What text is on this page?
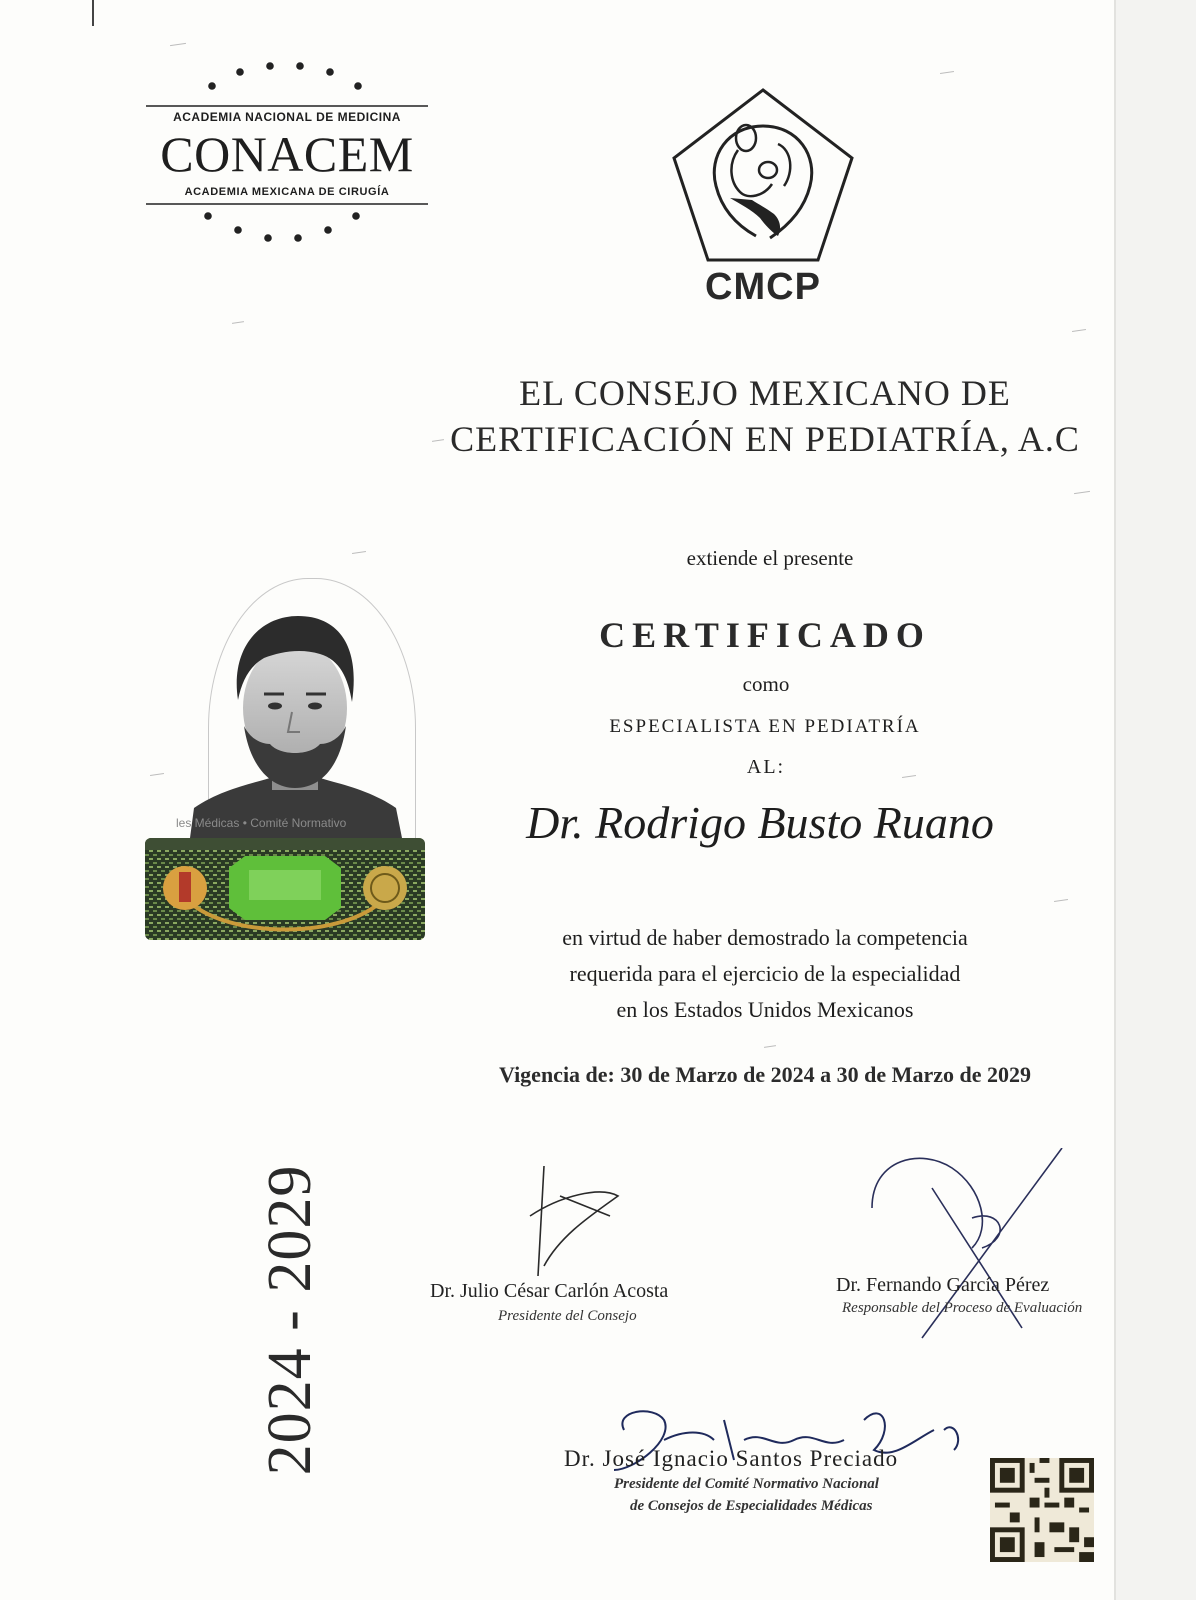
ACADEMIA NACIONAL DE MEDICINA
CONACEM
ACADEMIA MEXICANA DE CIRUGÍA
CMCP
EL CONSEJO MEXICANO DE
CERTIFICACIÓN EN PEDIATRÍA, A.C
extiende el presente
CERTIFICADO
como
ESPECIALISTA EN PEDIATRÍA
AL:
Dr. Rodrigo Busto Ruano
en virtud de haber demostrado la competencia
requerida para el ejercicio de la especialidad
en los Estados Unidos Mexicanos
Vigencia de: 30 de Marzo de 2024 a 30 de Marzo de 2029
2024 - 2029
les Médicas • Comité Normativo
Dr. Julio César Carlón Acosta
Presidente del Consejo
Dr. Fernando García Pérez
Responsable del Proceso de Evaluación
Dr. José Ignacio Santos Preciado
Presidente del Comité Normativo Nacional
de Consejos de Especialidades Médicas
